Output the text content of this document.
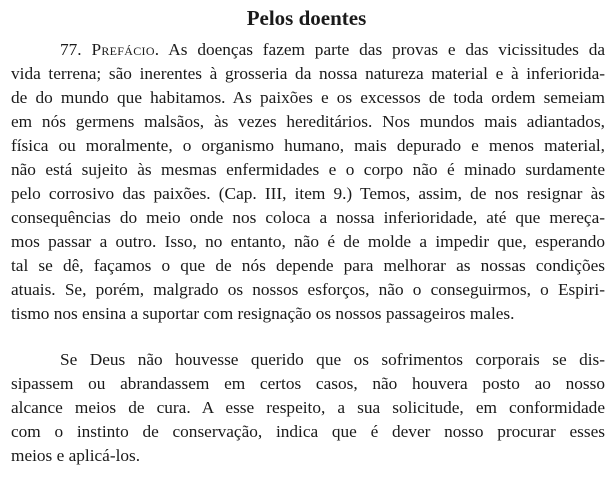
Pelos doentes
77. Prefácio. As doenças fazem parte das provas e das vicissitudes da
vida terrena; são inerentes à grosseria da nossa natureza material e à inferiorida-
de do mundo que habitamos. As paixões e os excessos de toda ordem semeiam
em nós germens malsãos, às vezes hereditários. Nos mundos mais adiantados,
física ou moralmente, o organismo humano, mais depurado e menos material,
não está sujeito às mesmas enfermidades e o corpo não é minado surdamente
pelo corrosivo das paixões. (Cap. III, item 9.) Temos, assim, de nos resignar às
consequências do meio onde nos coloca a nossa inferioridade, até que mereça-
mos passar a outro. Isso, no entanto, não é de molde a impedir que, esperando
tal se dê, façamos o que de nós depende para melhorar as nossas condições
atuais. Se, porém, malgrado os nossos esforços, não o conseguirmos, o Espiri-
tismo nos ensina a suportar com resignação os nossos passageiros males.
Se Deus não houvesse querido que os sofrimentos corporais se dis-
sipassem ou abrandassem em certos casos, não houvera posto ao nosso
alcance meios de cura. A esse respeito, a sua solicitude, em conformidade
com o instinto de conservação, indica que é dever nosso procurar esses
meios e aplicá-los.
